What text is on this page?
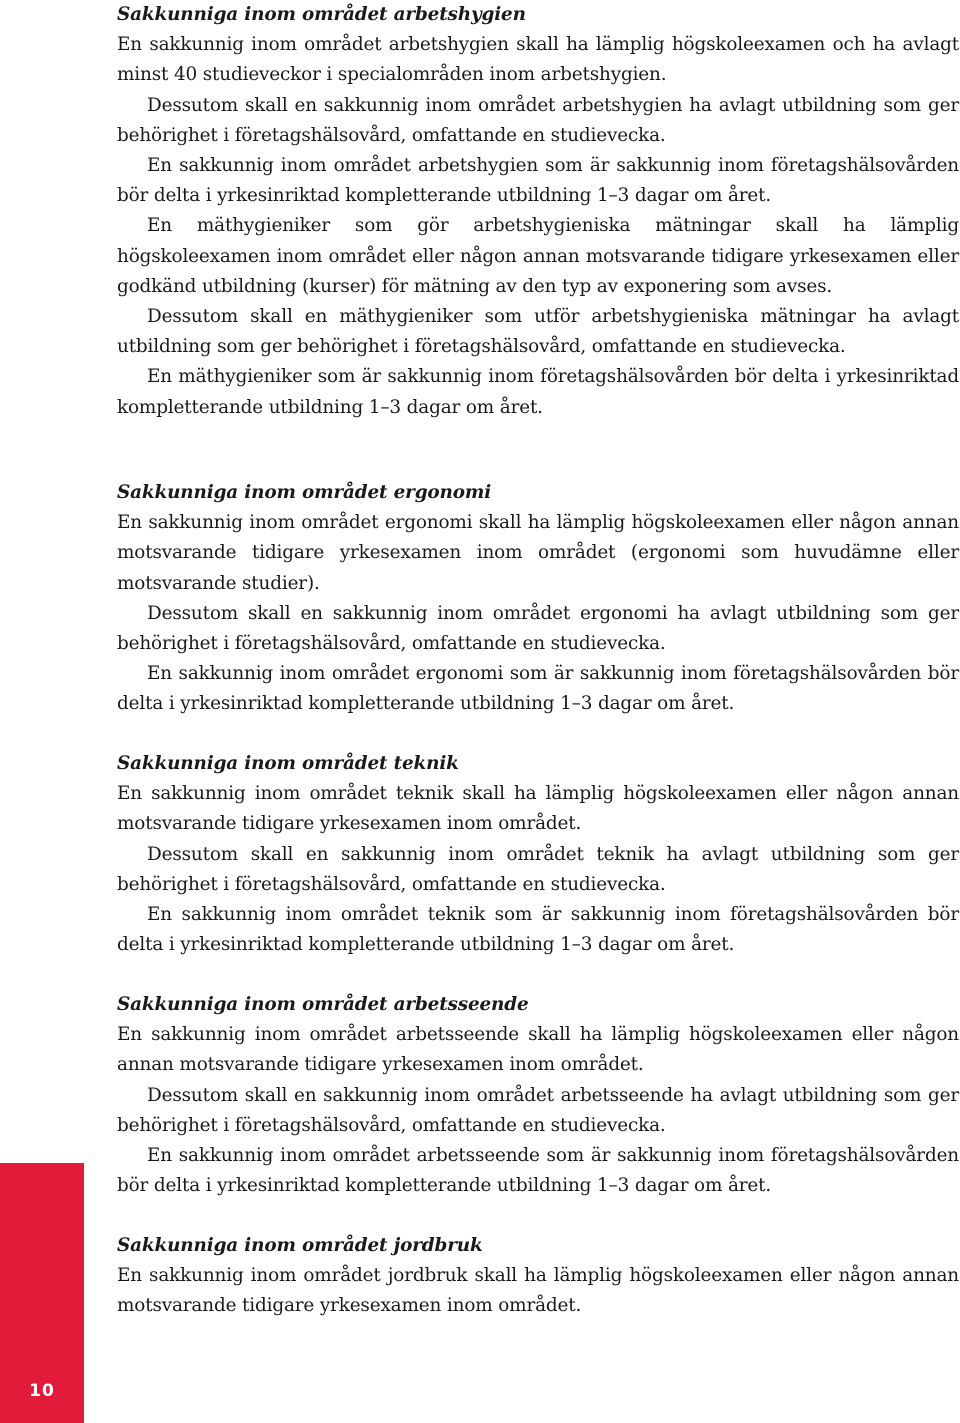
Sakkunniga inom området arbetshygien

En sakkunnig inom området arbetshygien skall ha lämplig högskoleexamen och ha avlagt minst 40 studieveckor i specialområden inom arbetshygien.

Dessutom skall en sakkunnig inom området arbetshygien ha avlagt utbildning som ger behörighet i företagshälsovård, omfattande en studievecka.

En sakkunnig inom området arbetshygien som är sakkunnig inom företagshälsovården bör delta i yrkesinriktad kompletterande utbildning 1–3 dagar om året.

En mäthygieniker som gör arbetshygieniska mätningar skall ha lämplig högskoleexamen inom området eller någon annan motsvarande tidigare yrkesexamen eller godkänd utbildning (kurser) för mätning av den typ av exponering som avses.

Dessutom skall en mäthygieniker som utför arbetshygieniska mätningar ha avlagt utbildning som ger behörighet i företagshälsovård, omfattande en studievecka.

En mäthygieniker som är sakkunnig inom företagshälsovården bör delta i yrkesinriktad kompletterande utbildning 1–3 dagar om året.

Sakkunniga inom området ergonomi

En sakkunnig inom området ergonomi skall ha lämplig högskoleexamen eller någon annan motsvarande tidigare yrkesexamen inom området (ergonomi som huvudämne eller motsvarande studier).

Dessutom skall en sakkunnig inom området ergonomi ha avlagt utbildning som ger behörighet i företagshälsovård, omfattande en studievecka.

En sakkunnig inom området ergonomi som är sakkunnig inom företagshälsovården bör delta i yrkesinriktad kompletterande utbildning 1–3 dagar om året.

Sakkunniga inom området teknik

En sakkunnig inom området teknik skall ha lämplig högskoleexamen eller någon annan motsvarande tidigare yrkesexamen inom området.

Dessutom skall en sakkunnig inom området teknik ha avlagt utbildning som ger behörighet i företagshälsovård, omfattande en studievecka.

En sakkunnig inom området teknik som är sakkunnig inom företagshälsovården bör delta i yrkesinriktad kompletterande utbildning 1–3 dagar om året.

Sakkunniga inom området arbetsseende

En sakkunnig inom området arbetsseende skall ha lämplig högskoleexamen eller någon annan motsvarande tidigare yrkesexamen inom området.

Dessutom skall en sakkunnig inom området arbetsseende ha avlagt utbildning som ger behörighet i företagshälsovård, omfattande en studievecka.

En sakkunnig inom området arbetsseende som är sakkunnig inom företagshälsovården bör delta i yrkesinriktad kompletterande utbildning 1–3 dagar om året.

Sakkunniga inom området jordbruk

En sakkunnig inom området jordbruk skall ha lämplig högskoleexamen eller någon annan motsvarande tidigare yrkesexamen inom området.

10
